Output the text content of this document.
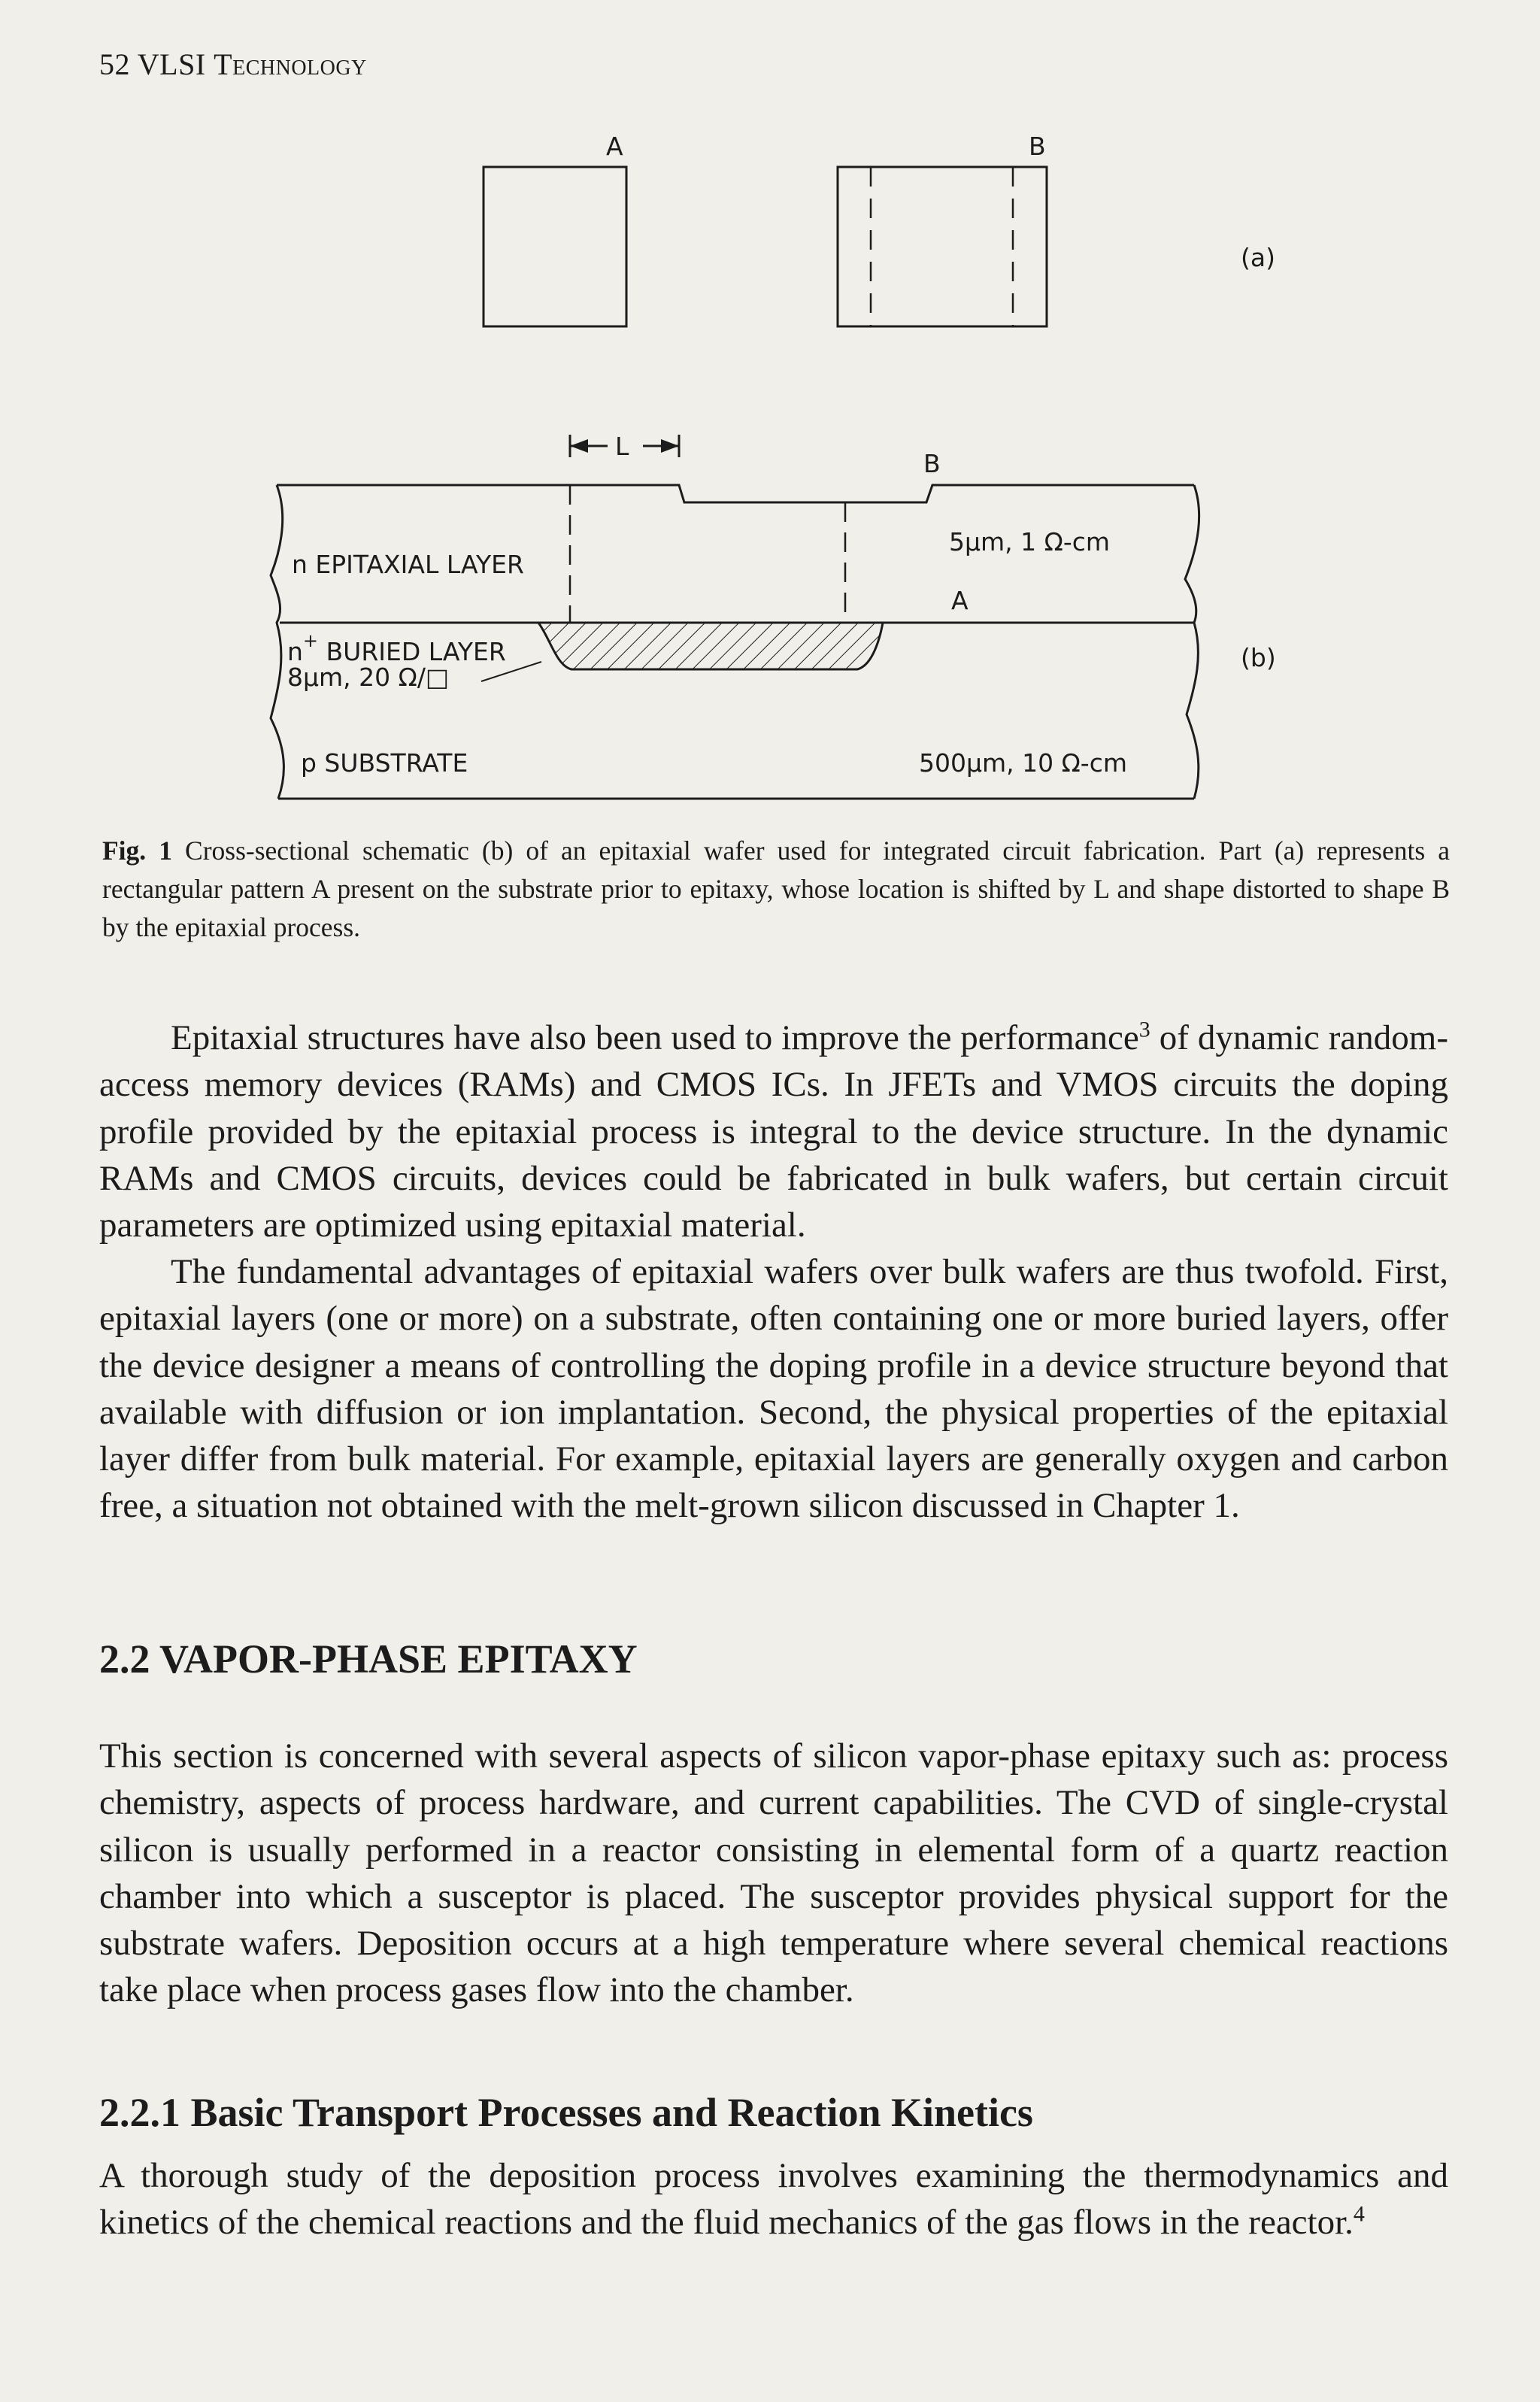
52 VLSI Technology
A	B
(a)
L
B
n EPITAXIAL LAYER
5µm, 1 Ω-cm
A
n+ BURIED LAYER
8µm, 20 Ω/□
(b)
p SUBSTRATE	500µm, 10 Ω-cm
Fig. 1 Cross-sectional schematic (b) of an epitaxial wafer used for integrated circuit fabrication. Part (a) represents a rectangular pattern A present on the substrate prior to epitaxy, whose location is shifted by L and shape distorted to shape B by the epitaxial process.

Epitaxial structures have also been used to improve the performance$^3$ of dynamic random-access memory devices (RAMs) and CMOS ICs. In JFETs and VMOS circuits the doping profile provided by the epitaxial process is integral to the device structure. In the dynamic RAMs and CMOS circuits, devices could be fabricated in bulk wafers, but certain circuit parameters are optimized using epitaxial material.

The fundamental advantages of epitaxial wafers over bulk wafers are thus twofold. First, epitaxial layers (one or more) on a substrate, often containing one or more buried layers, offer the device designer a means of controlling the doping profile in a device structure beyond that available with diffusion or ion implantation. Second, the physical properties of the epitaxial layer differ from bulk material. For example, epitaxial layers are generally oxygen and carbon free, a situation not obtained with the melt-grown silicon discussed in Chapter 1.

2.2 VAPOR-PHASE EPITAXY

This section is concerned with several aspects of silicon vapor-phase epitaxy such as: process chemistry, aspects of process hardware, and current capabilities. The CVD of single-crystal silicon is usually performed in a reactor consisting in elemental form of a quartz reaction chamber into which a susceptor is placed. The susceptor provides physical support for the substrate wafers. Deposition occurs at a high temperature where several chemical reactions take place when process gases flow into the chamber.

2.2.1 Basic Transport Processes and Reaction Kinetics

A thorough study of the deposition process involves examining the thermodynamics and kinetics of the chemical reactions and the fluid mechanics of the gas flows in the reactor.$^4$
